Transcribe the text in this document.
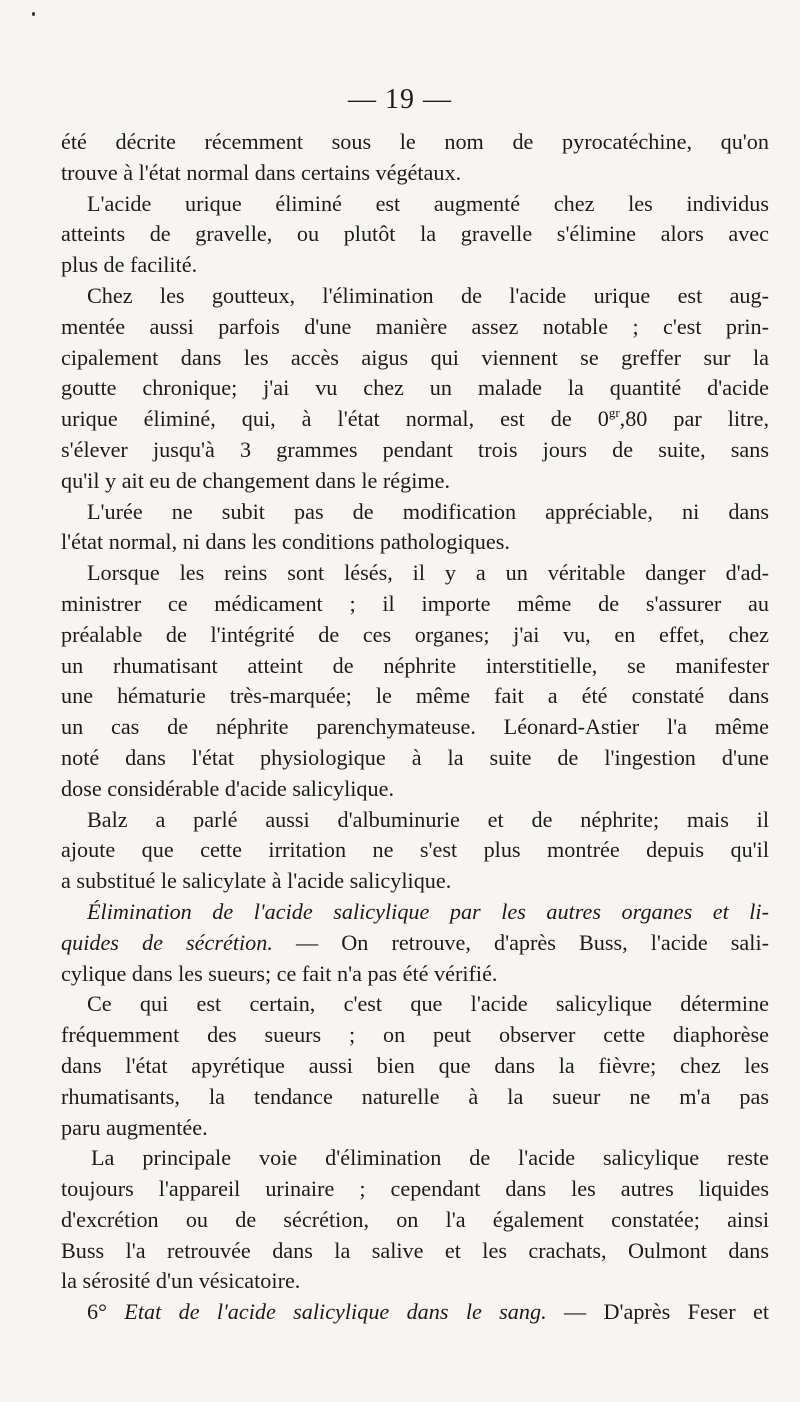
— 19 —
été décrite récemment sous le nom de pyrocatéchine, qu'on
trouve à l'état normal dans certains végétaux.
L'acide urique éliminé est augmenté chez les individus
atteints de gravelle, ou plutôt la gravelle s'élimine alors avec
plus de facilité.
Chez les goutteux, l'élimination de l'acide urique est aug-
mentée aussi parfois d'une manière assez notable ; c'est prin-
cipalement dans les accès aigus qui viennent se greffer sur la
goutte chronique; j'ai vu chez un malade la quantité d'acide
urique éliminé, qui, à l'état normal, est de $0^{gr},80$ par litre,
s'élever jusqu'à 3 grammes pendant trois jours de suite, sans
qu'il y ait eu de changement dans le régime.
L'urée ne subit pas de modification appréciable, ni dans
l'état normal, ni dans les conditions pathologiques.
Lorsque les reins sont lésés, il y a un véritable danger d'ad-
ministrer ce médicament ; il importe même de s'assurer au
préalable de l'intégrité de ces organes; j'ai vu, en effet, chez
un rhumatisant atteint de néphrite interstitielle, se manifester
une hématurie très-marquée; le même fait a été constaté dans
un cas de néphrite parenchymateuse. Léonard-Astier l'a même
noté dans l'état physiologique à la suite de l'ingestion d'une
dose considérable d'acide salicylique.
Balz a parlé aussi d'albuminurie et de néphrite; mais il
ajoute que cette irritation ne s'est plus montrée depuis qu'il
a substitué le salicylate à l'acide salicylique.
Élimination de l'acide salicylique par les autres organes et li-
quides de sécrétion. — On retrouve, d'après Buss, l'acide sali-
cylique dans les sueurs; ce fait n'a pas été vérifié.
Ce qui est certain, c'est que l'acide salicylique détermine
fréquemment des sueurs ; on peut observer cette diaphorèse
dans l'état apyrétique aussi bien que dans la fièvre; chez les
rhumatisants, la tendance naturelle à la sueur ne m'a pas
paru augmentée.
La principale voie d'élimination de l'acide salicylique reste
toujours l'appareil urinaire ; cependant dans les autres liquides
d'excrétion ou de sécrétion, on l'a également constatée; ainsi
Buss l'a retrouvée dans la salive et les crachats, Oulmont dans
la sérosité d'un vésicatoire.
6° Etat de l'acide salicylique dans le sang. — D'après Feser et
